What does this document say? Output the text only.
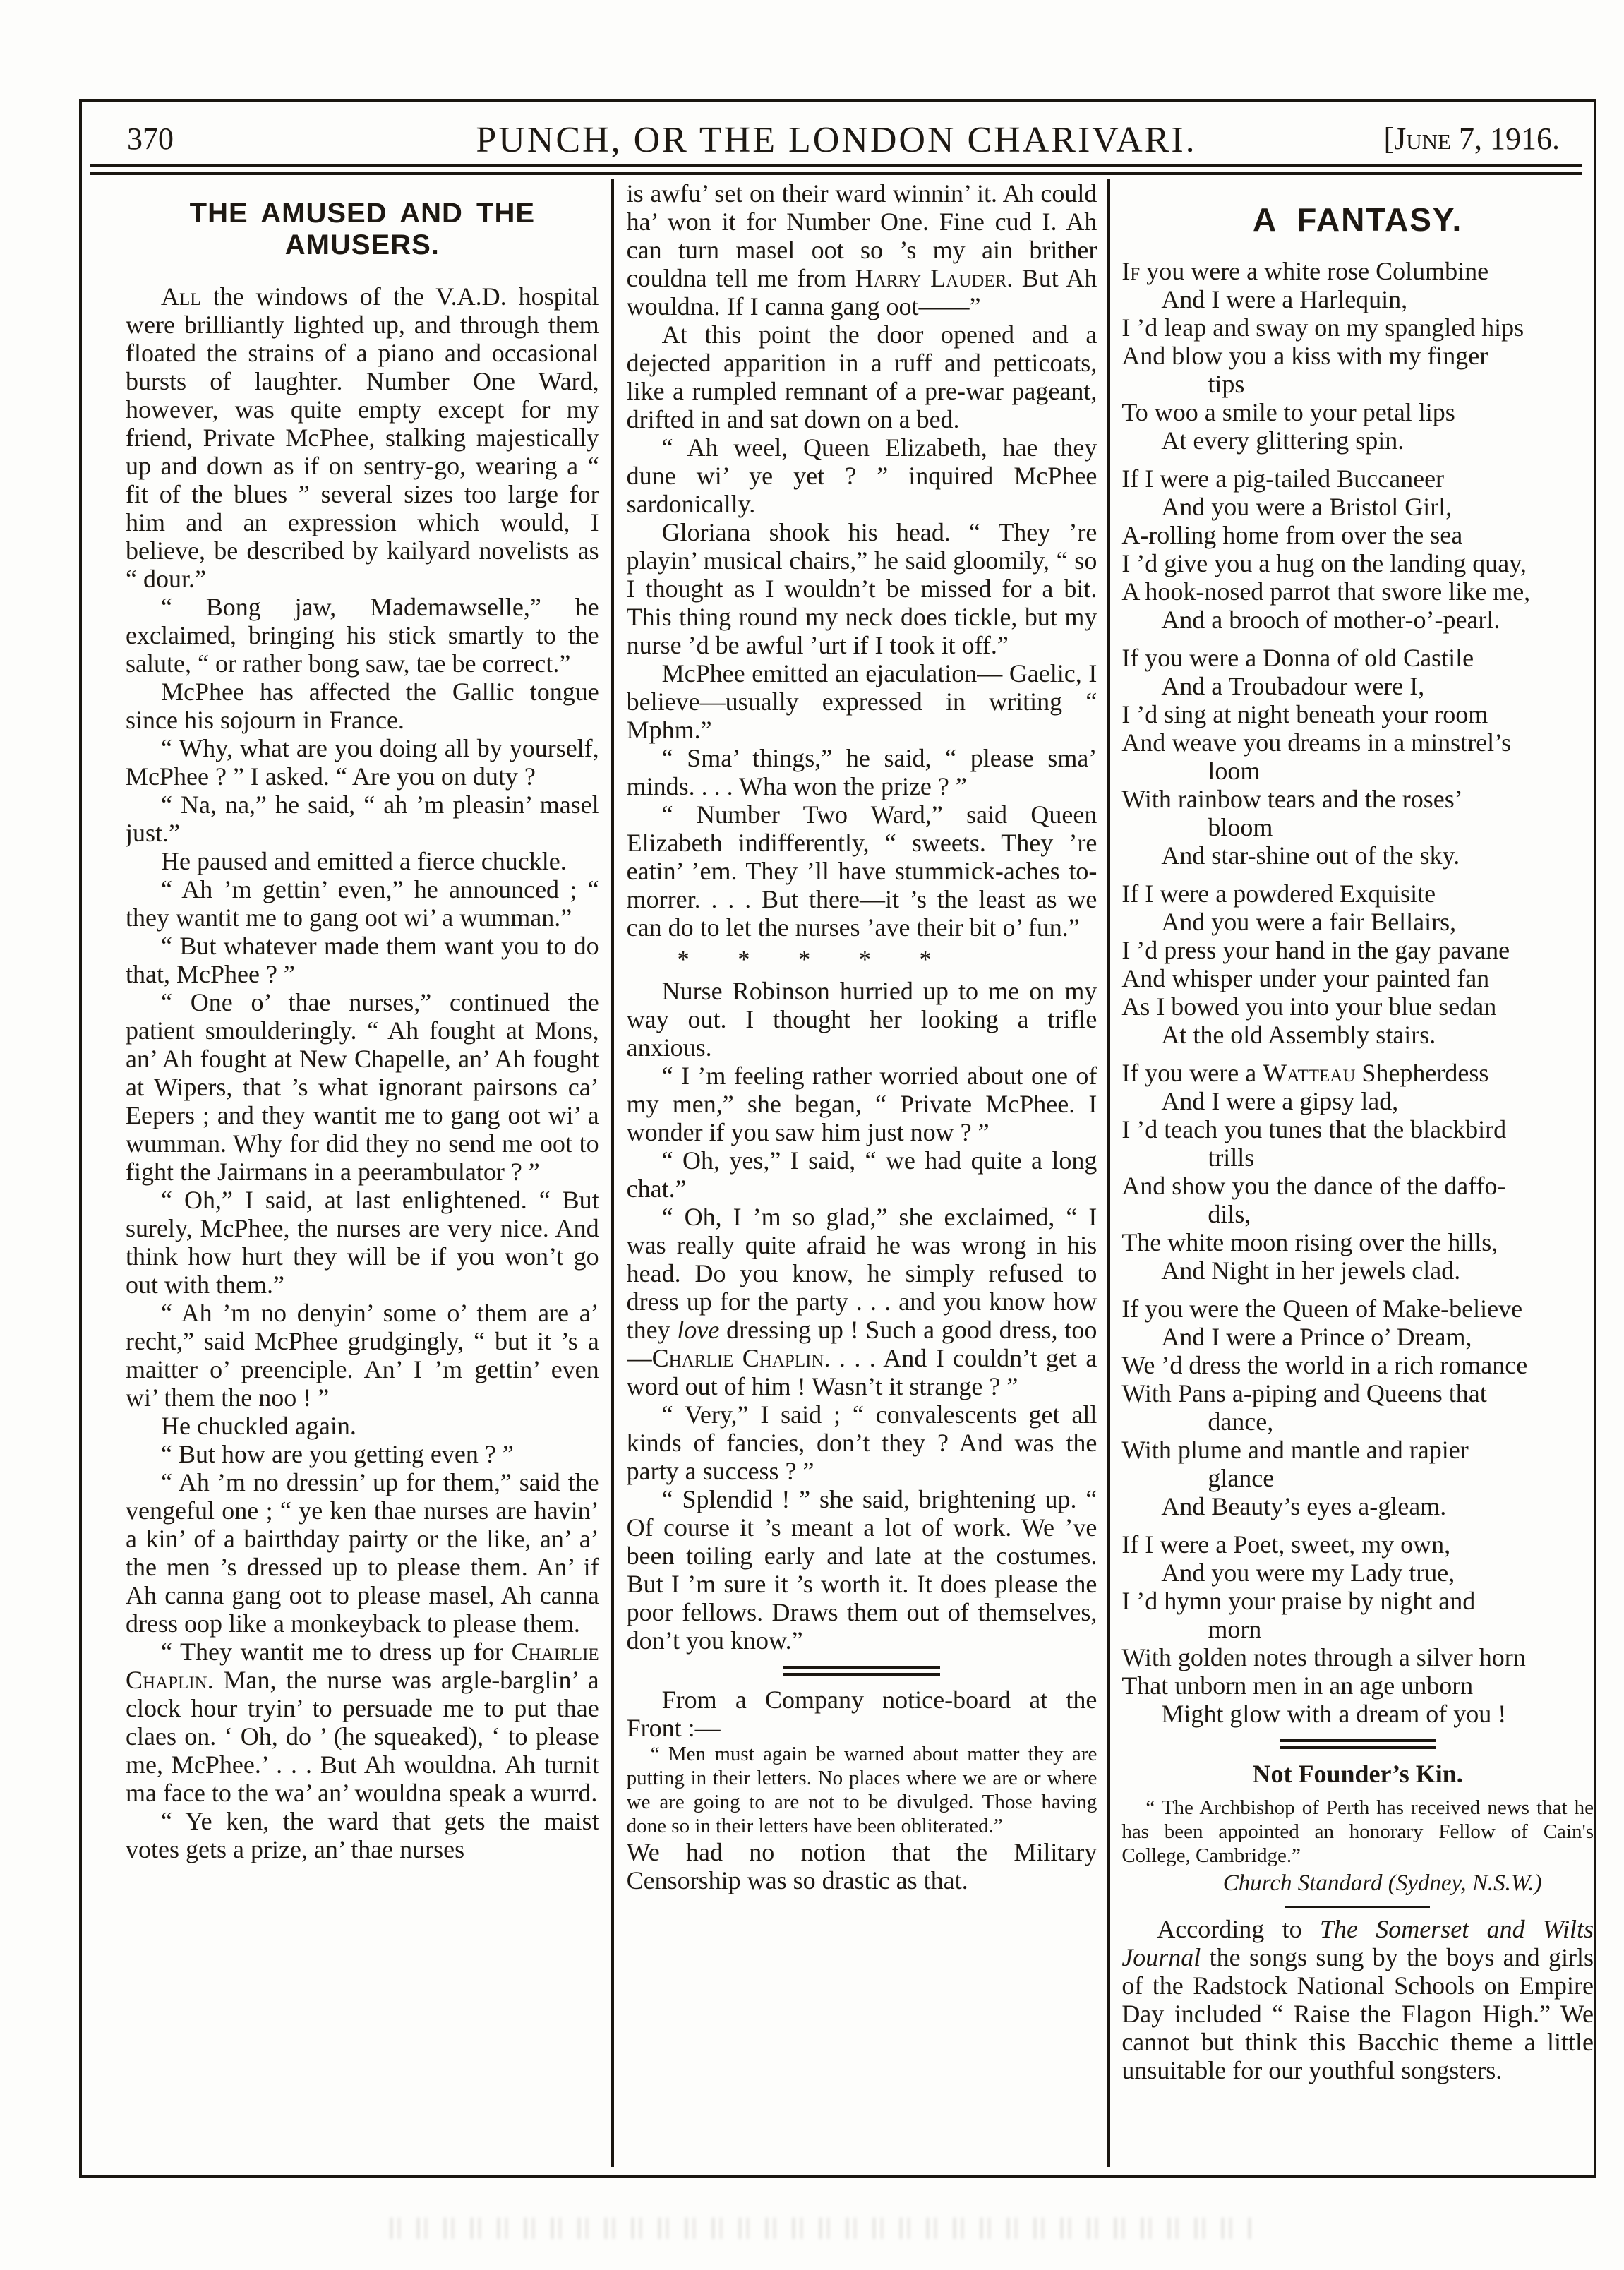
370	PUNCH, OR THE LONDON CHARIVARI.	[June 7, 1916.
THE AMUSED AND THE AMUSERS.

All the windows of the V.A.D. hospital were brilliantly lighted up, and through them floated the strains of a piano and occasional bursts of laughter. Number One Ward, however, was quite empty except for my friend, Private McPhee, stalking majestically up and down as if on sentry-go, wearing a “ fit of the blues ” several sizes too large for him and an expression which would, I believe, be described by kailyard novelists as “ dour.”

“ Bong jaw, Mademawselle,” he exclaimed, bringing his stick smartly to the salute, “ or rather bong saw, tae be correct.”

McPhee has affected the Gallic tongue since his sojourn in France.

“ Why, what are you doing all by yourself, McPhee ? ” I asked. “ Are you on duty ?

“ Na, na,” he said, “ ah ’m pleasin’ masel just.”

He paused and emitted a fierce chuckle.

“ Ah ’m gettin’ even,” he announced ; “ they wantit me to gang oot wi’ a wumman.”

“ But whatever made them want you to do that, McPhee ? ”

“ One o’ thae nurses,” continued the patient smoulderingly. “ Ah fought at Mons, an’ Ah fought at New Chapelle, an’ Ah fought at Wipers, that ’s what ignorant pairsons ca’ Eepers ; and they wantit me to gang oot wi’ a wumman. Why for did they no send me oot to fight the Jairmans in a peerambulator ? ”

“ Oh,” I said, at last enlightened. “ But surely, McPhee, the nurses are very nice. And think how hurt they will be if you won’t go out with them.”

“ Ah ’m no denyin’ some o’ them are a’ recht,” said McPhee grudgingly, “ but it ’s a maitter o’ preenciple. An’ I ’m gettin’ even wi’ them the noo ! ”

He chuckled again.

“ But how are you getting even ? ”

“ Ah ’m no dressin’ up for them,” said the vengeful one ; “ ye ken thae nurses are havin’ a kin’ of a bairthday pairty or the like, an’ a’ the men ’s dressed up to please them. An’ if Ah canna gang oot to please masel, Ah canna dress oop like a monkeyback to please them.

“ They wantit me to dress up for Chairlie Chaplin. Man, the nurse was argle-barglin’ a clock hour tryin’ to persuade me to put thae claes on. ‘ Oh, do ’ (he squeaked), ‘ to please me, McPhee.’ . . . But Ah wouldna. Ah turnit ma face to the wa’ an’ wouldna speak a wurrd.

“ Ye ken, the ward that gets the maist votes gets a prize, an’ thae nurses

is awfu’ set on their ward winnin’ it. Ah could ha’ won it for Number One. Fine cud I. Ah can turn masel oot so ’s my ain brither couldna tell me from Harry Lauder. But Ah wouldna. If I canna gang oot——”

At this point the door opened and a dejected apparition in a ruff and petticoats, like a rumpled remnant of a pre-war pageant, drifted in and sat down on a bed.

“ Ah weel, Queen Elizabeth, hae they dune wi’ ye yet ? ” inquired McPhee sardonically.

Gloriana shook his head. “ They ’re playin’ musical chairs,” he said gloomily, “ so I thought as I wouldn’t be missed for a bit. This thing round my neck does tickle, but my nurse ’d be awful ’urt if I took it off.”

McPhee emitted an ejaculation— Gaelic, I believe—usually expressed in writing “ Mphm.”

“ Sma’ things,” he said, “ please sma’ minds. . . . Wha won the prize ? ”

“ Number Two Ward,” said Queen Elizabeth indifferently, “ sweets. They ’re eatin’ ’em. They ’ll have stummick-aches to-morrer. . . . But there—it ’s the least as we can do to let the nurses ’ave their bit o’ fun.”

* * * * *

Nurse Robinson hurried up to me on my way out. I thought her looking a trifle anxious.

“ I ’m feeling rather worried about one of my men,” she began, “ Private McPhee. I wonder if you saw him just now ? ”

“ Oh, yes,” I said, “ we had quite a long chat.”

“ Oh, I ’m so glad,” she exclaimed, “ I was really quite afraid he was wrong in his head. Do you know, he simply refused to dress up for the party . . . and you know how they love dressing up ! Such a good dress, too—Charlie Chaplin. . . . And I couldn’t get a word out of him ! Wasn’t it strange ? ”

“ Very,” I said ; “ convalescents get all kinds of fancies, don’t they ? And was the party a success ? ”

“ Splendid ! ” she said, brightening up. “ Of course it ’s meant a lot of work. We ’ve been toiling early and late at the costumes. But I ’m sure it ’s worth it. It does please the poor fellows. Draws them out of themselves, don’t you know.”

From a Company notice-board at the Front :—

“ Men must again be warned about matter they are putting in their letters. No places where we are or where we are going to are not to be divulged. Those having done so in their letters have been obliterated.”

We had no notion that the Military Censorship was so drastic as that.

A FANTASY.
If you were a white rose Columbine
And I were a Harlequin,
I ’d leap and sway on my spangled hips
And blow you a kiss with my finger
tips
To woo a smile to your petal lips
At every glittering spin.
If I were a pig-tailed Buccaneer
And you were a Bristol Girl,
A-rolling home from over the sea
I ’d give you a hug on the landing quay,
A hook-nosed parrot that swore like me,
And a brooch of mother-o’-pearl.
If you were a Donna of old Castile
And a Troubadour were I,
I ’d sing at night beneath your room
And weave you dreams in a minstrel’s
loom
With rainbow tears and the roses’
bloom
And star-shine out of the sky.
If I were a powdered Exquisite
And you were a fair Bellairs,
I ’d press your hand in the gay pavane
And whisper under your painted fan
As I bowed you into your blue sedan
At the old Assembly stairs.
If you were a Watteau Shepherdess
And I were a gipsy lad,
I ’d teach you tunes that the blackbird
trills
And show you the dance of the daffo-
dils,
The white moon rising over the hills,
And Night in her jewels clad.
If you were the Queen of Make-believe
And I were a Prince o’ Dream,
We ’d dress the world in a rich romance
With Pans a-piping and Queens that
dance,
With plume and mantle and rapier
glance
And Beauty’s eyes a-gleam.
If I were a Poet, sweet, my own,
And you were my Lady true,
I ’d hymn your praise by night and
morn
With golden notes through a silver horn
That unborn men in an age unborn
Might glow with a dream of you !
Not Founder’s Kin.

“ The Archbishop of Perth has received news that he has been appointed an honorary Fellow of Cain's College, Cambridge.”

Church Standard (Sydney, N.S.W.)

According to The Somerset and Wilts Journal the songs sung by the boys and girls of the Radstock National Schools on Empire Day included “ Raise the Flagon High.” We cannot but think this Bacchic theme a little unsuitable for our youthful songsters.
